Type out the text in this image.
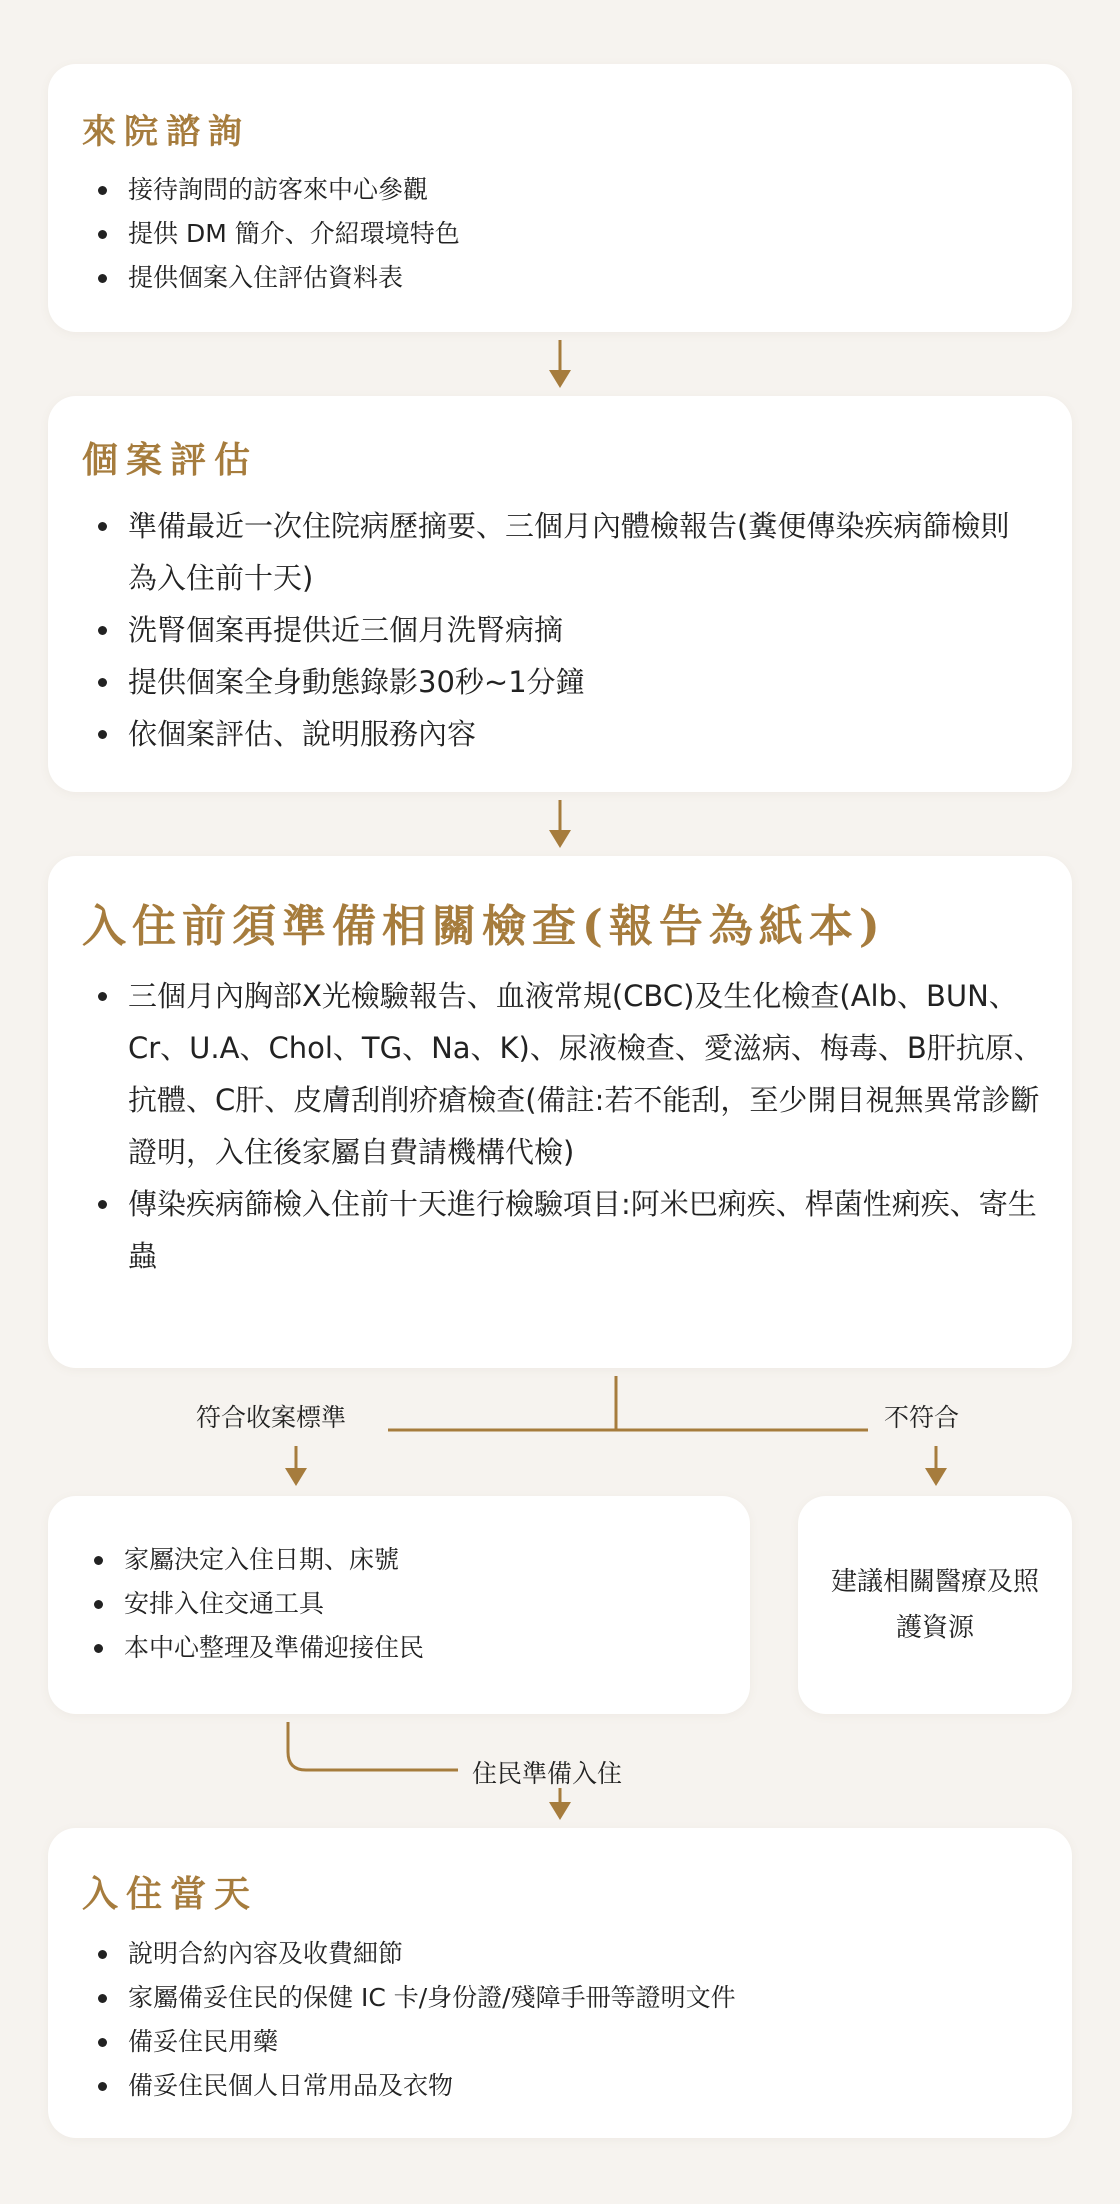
來院諮詢
接待詢問的訪客來中心參觀
提供 DM 簡介、介紹環境特色
提供個案入住評估資料表
個案評估
準備最近一次住院病歷摘要、三個月內體檢報告(糞便傳染疾病篩檢則為入住前十天)
洗腎個案再提供近三個月洗腎病摘
提供個案全身動態錄影30秒~1分鐘
依個案評估、說明服務內容
入住前須準備相關檢查(報告為紙本)
三個月內胸部X光檢驗報告、血液常規(CBC)及生化檢查(Alb、BUN、Cr、U.A、Chol、TG、Na、K)、尿液檢查、愛滋病、梅毒、B肝抗原、抗體、C肝、皮膚刮削疥瘡檢查(備註:若不能刮，至少開目視無異常診斷證明，入住後家屬自費請機構代檢)
傳染疾病篩檢入住前十天進行檢驗項目:阿米巴痢疾、桿菌性痢疾、寄生蟲
符合收案標準	不符合
家屬決定入住日期、床號
安排入住交通工具
本中心整理及準備迎接住民
建議相關醫療及照護資源
住民準備入住
入住當天
說明合約內容及收費細節
家屬備妥住民的保健 IC 卡/身份證/殘障手冊等證明文件
備妥住民用藥
備妥住民個人日常用品及衣物
